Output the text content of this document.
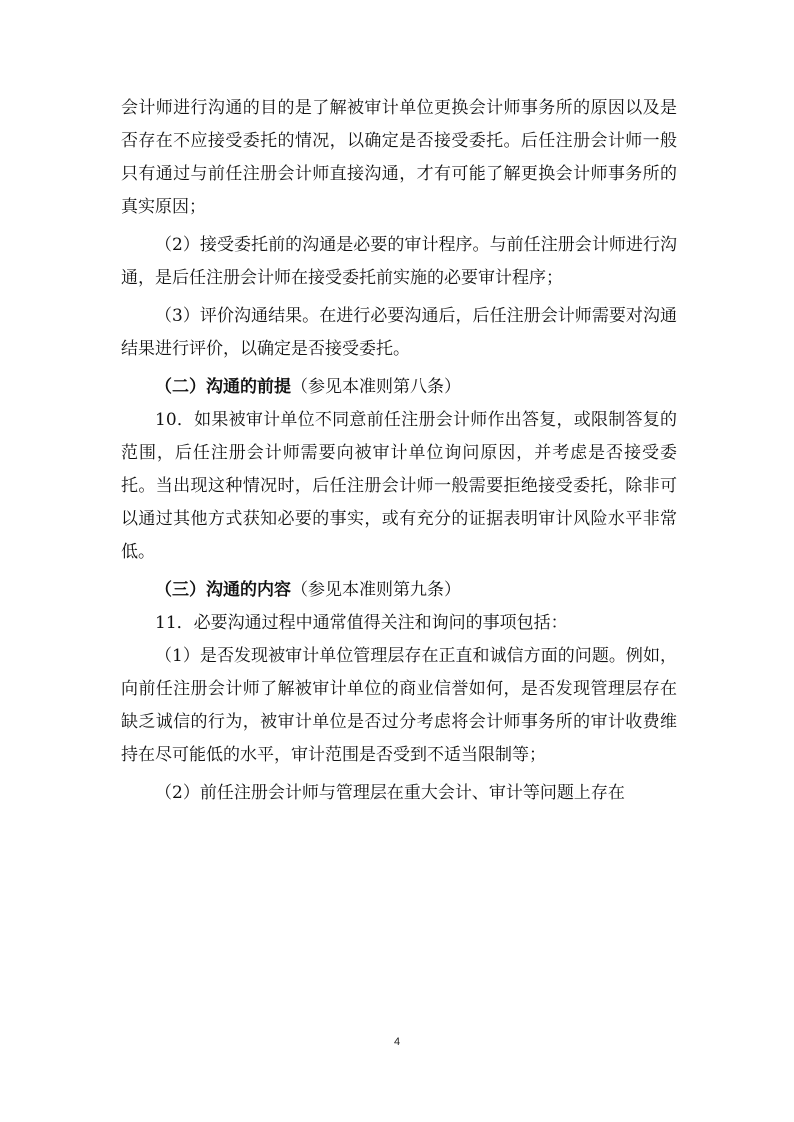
会计师进行沟通的目的是了解被审计单位更换会计师事务所的原因以及是否存在不应接受委托的情况，以确定是否接受委托。后任注册会计师一般只有通过与前任注册会计师直接沟通，才有可能了解更换会计师事务所的真实原因；

（2）接受委托前的沟通是必要的审计程序。与前任注册会计师进行沟通，是后任注册会计师在接受委托前实施的必要审计程序；

（3）评价沟通结果。在进行必要沟通后，后任注册会计师需要对沟通结果进行评价，以确定是否接受委托。

（二）沟通的前提（参见本准则第八条）

10．如果被审计单位不同意前任注册会计师作出答复，或限制答复的范围，后任注册会计师需要向被审计单位询问原因，并考虑是否接受委托。当出现这种情况时，后任注册会计师一般需要拒绝接受委托，除非可以通过其他方式获知必要的事实，或有充分的证据表明审计风险水平非常低。

（三）沟通的内容（参见本准则第九条）

11．必要沟通过程中通常值得关注和询问的事项包括：

（1）是否发现被审计单位管理层存在正直和诚信方面的问题。例如，向前任注册会计师了解被审计单位的商业信誉如何，是否发现管理层存在缺乏诚信的行为，被审计单位是否过分考虑将会计师事务所的审计收费维持在尽可能低的水平，审计范围是否受到不适当限制等；

（2）前任注册会计师与管理层在重大会计、审计等问题上存在

4
